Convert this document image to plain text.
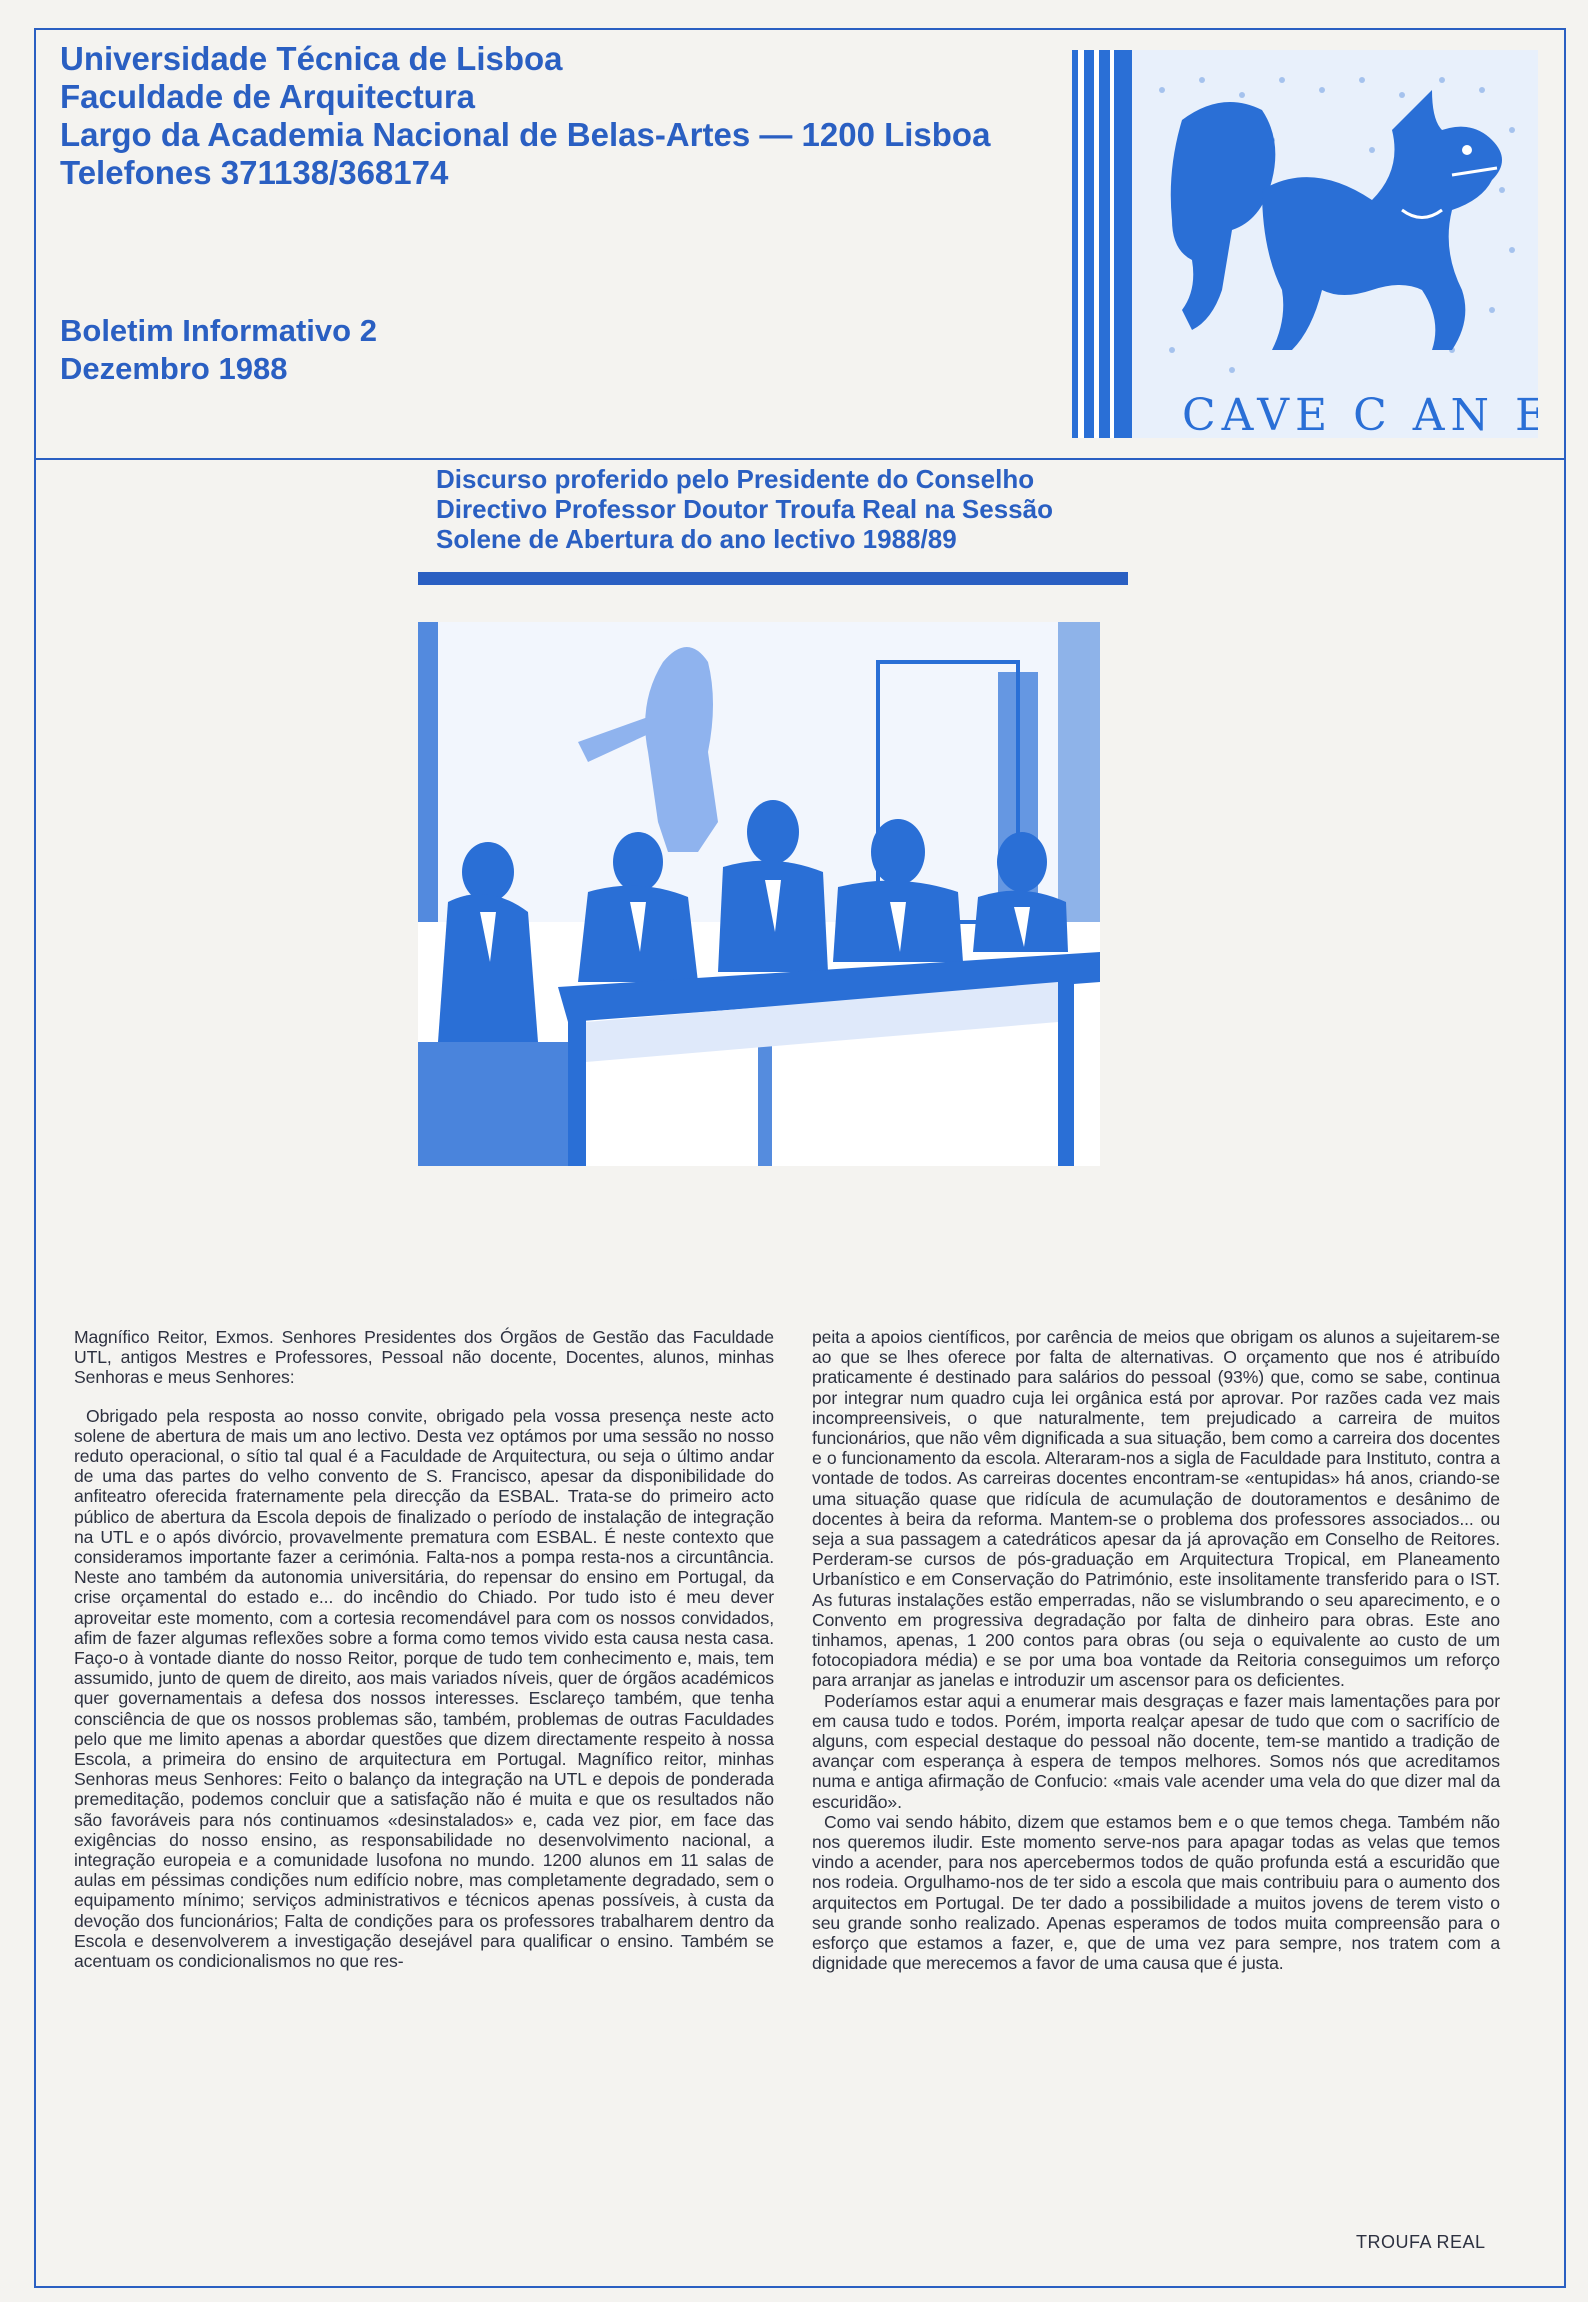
Universidade Técnica de Lisboa
Faculdade de Arquitectura
Largo da Academia Nacional de Belas-Artes — 1200 Lisboa
Telefones 371138/368174
Boletim Informativo 2
Dezembro 1988
CAVE C AN E
Discurso proferido pelo Presidente do Conselho
Directivo Professor Doutor Troufa Real na Sessão
Solene de Abertura do ano lectivo 1988/89

Magnífico Reitor, Exmos. Senhores Presidentes dos Órgãos de Gestão das Faculdade UTL, antigos Mestres e Professores, Pessoal não docente, Docentes, alunos, minhas Senhoras e meus Senhores:

Obrigado pela resposta ao nosso convite, obrigado pela vossa presença neste acto solene de abertura de mais um ano lectivo. Desta vez optámos por uma sessão no nosso reduto operacional, o sítio tal qual é a Faculdade de Arquitectura, ou seja o último andar de uma das partes do velho convento de S. Francisco, apesar da disponibilidade do anfiteatro oferecida fraternamente pela direcção da ESBAL. Trata-se do primeiro acto público de abertura da Escola depois de finalizado o período de instalação de integração na UTL e o após divórcio, provavelmente prematura com ESBAL. É neste contexto que consideramos importante fazer a cerimónia. Falta-nos a pompa resta-nos a circuntância. Neste ano também da autonomia universitária, do repensar do ensino em Portugal, da crise orçamental do estado e... do incêndio do Chiado. Por tudo isto é meu dever aproveitar este momento, com a cortesia recomendável para com os nossos convidados, afim de fazer algumas reflexões sobre a forma como temos vivido esta causa nesta casa. Faço-o à vontade diante do nosso Reitor, porque de tudo tem conhecimento e, mais, tem assumido, junto de quem de direito, aos mais variados níveis, quer de órgãos académicos quer governamentais a defesa dos nossos interesses. Esclareço também, que tenha consciência de que os nossos problemas são, também, problemas de outras Faculdades pelo que me limito apenas a abordar questões que dizem directamente respeito à nossa Escola, a primeira do ensino de arquitectura em Portugal. Magnífico reitor, minhas Senhoras meus Senhores: Feito o balanço da integração na UTL e depois de ponderada premeditação, podemos concluir que a satisfação não é muita e que os resultados não são favoráveis para nós continuamos «desinstalados» e, cada vez pior, em face das exigências do nosso ensino, as responsabilidade no desenvolvimento nacional, a integração europeia e a comunidade lusofona no mundo. 1200 alunos em 11 salas de aulas em péssimas condições num edifício nobre, mas completamente degradado, sem o equipamento mínimo; serviços administrativos e técnicos apenas possíveis, à custa da devoção dos funcionários; Falta de condições para os professores trabalharem dentro da Escola e desenvolverem a investigação desejável para qualificar o ensino. Também se acentuam os condicionalismos no que res-

peita a apoios científicos, por carência de meios que obrigam os alunos a sujeitarem-se ao que se lhes oferece por falta de alternativas. O orçamento que nos é atribuído praticamente é destinado para salários do pessoal (93%) que, como se sabe, continua por integrar num quadro cuja lei orgânica está por aprovar. Por razões cada vez mais incompreensiveis, o que naturalmente, tem prejudicado a carreira de muitos funcionários, que não vêm dignificada a sua situação, bem como a carreira dos docentes e o funcionamento da escola. Alteraram-nos a sigla de Faculdade para Instituto, contra a vontade de todos. As carreiras docentes encontram-se «entupidas» há anos, criando-se uma situação quase que ridícula de acumulação de doutoramentos e desânimo de docentes à beira da reforma. Mantem-se o problema dos professores associados... ou seja a sua passagem a catedráticos apesar da já aprovação em Conselho de Reitores. Perderam-se cursos de pós-graduação em Arquitectura Tropical, em Planeamento Urbanístico e em Conservação do Património, este insolitamente transferido para o IST. As futuras instalações estão emperradas, não se vislumbrando o seu aparecimento, e o Convento em progressiva degradação por falta de dinheiro para obras. Este ano tinhamos, apenas, 1 200 contos para obras (ou seja o equivalente ao custo de um fotocopiadora média) e se por uma boa vontade da Reitoria conseguimos um reforço para arranjar as janelas e introduzir um ascensor para os deficientes.

Poderíamos estar aqui a enumerar mais desgraças e fazer mais lamentações para por em causa tudo e todos. Porém, importa realçar apesar de tudo que com o sacrifício de alguns, com especial destaque do pessoal não docente, tem-se mantido a tradição de avançar com esperança à espera de tempos melhores. Somos nós que acreditamos numa e antiga afirmação de Confucio: «mais vale acender uma vela do que dizer mal da escuridão».

Como vai sendo hábito, dizem que estamos bem e o que temos chega. Também não nos queremos iludir. Este momento serve-nos para apagar todas as velas que temos vindo a acender, para nos apercebermos todos de quão profunda está a escuridão que nos rodeia. Orgulhamo-nos de ter sido a escola que mais contribuiu para o aumento dos arquitectos em Portugal. De ter dado a possibilidade a muitos jovens de terem visto o seu grande sonho realizado. Apenas esperamos de todos muita compreensão para o esforço que estamos a fazer, e, que de uma vez para sempre, nos tratem com a dignidade que merecemos a favor de uma causa que é justa.

TROUFA REAL
